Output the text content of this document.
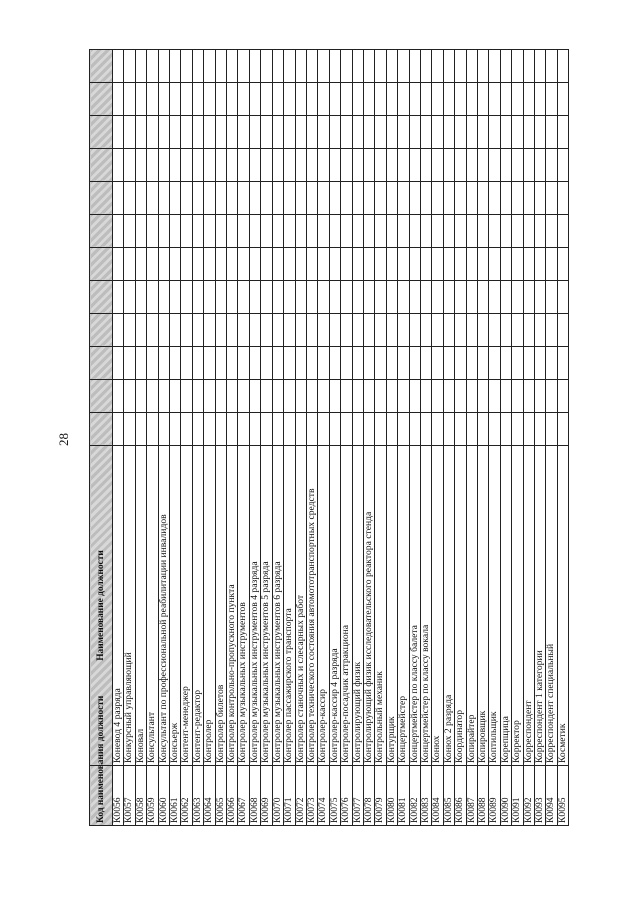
28
	Наименование должности												
К0056	Коневод 4 разряда												
К0057	Конкурсный управляющий												
К0058	Коновал												
К0059	Консультант												
К0060	Консультант по профессиональной реабилитации инвалидов												
К0061	Консьерж												
К0062	Контент-менеджер												
К0063	Контент-редактор												
К0064	Контролер												
К0065	Контролер билетов												
К0066	Контролер контрольно-пропускного пункта												
К0067	Контролер музыкальных инструментов												
К0068	Контролер музыкальных инструментов 4 разряда												
К0069	Контролер музыкальных инструментов 5 разряда												
К0070	Контролер музыкальных инструментов 6 разряда												
К0071	Контролер пассажирского транспорта												
К0072	Контролер станочных и слесарных работ												
К0073	Контролер технического состояния автомототранспортных средств												
К0074	Контролер-кассир												
К0075	Контролер-кассир 4 разряда												
К0076	Контролер-посадчик аттракциона												
К0077	Контролирующий физик												
К0078	Контролирующий физик исследовательского реактора стенда												
К0079	Контрольный механик												
К0080	Контурщик												
К0081	Концертмейстер												
К0082	Концертмейстер по классу балета												
К0083	Концертмейстер по классу вокала												
К0084	Конюх												
К0085	Конюх 2 разряда												
К0086	Координатор												
К0087	Копирайтер												
К0088	Копировщик												
К0089	Коптильщик												
К0090	Корепщица												
К0091	Корректор												
К0092	Корреспондент												
К0093	Корреспондент 1 категории												
К0094	Корреспондент специальный												
К0095	Косметик												
